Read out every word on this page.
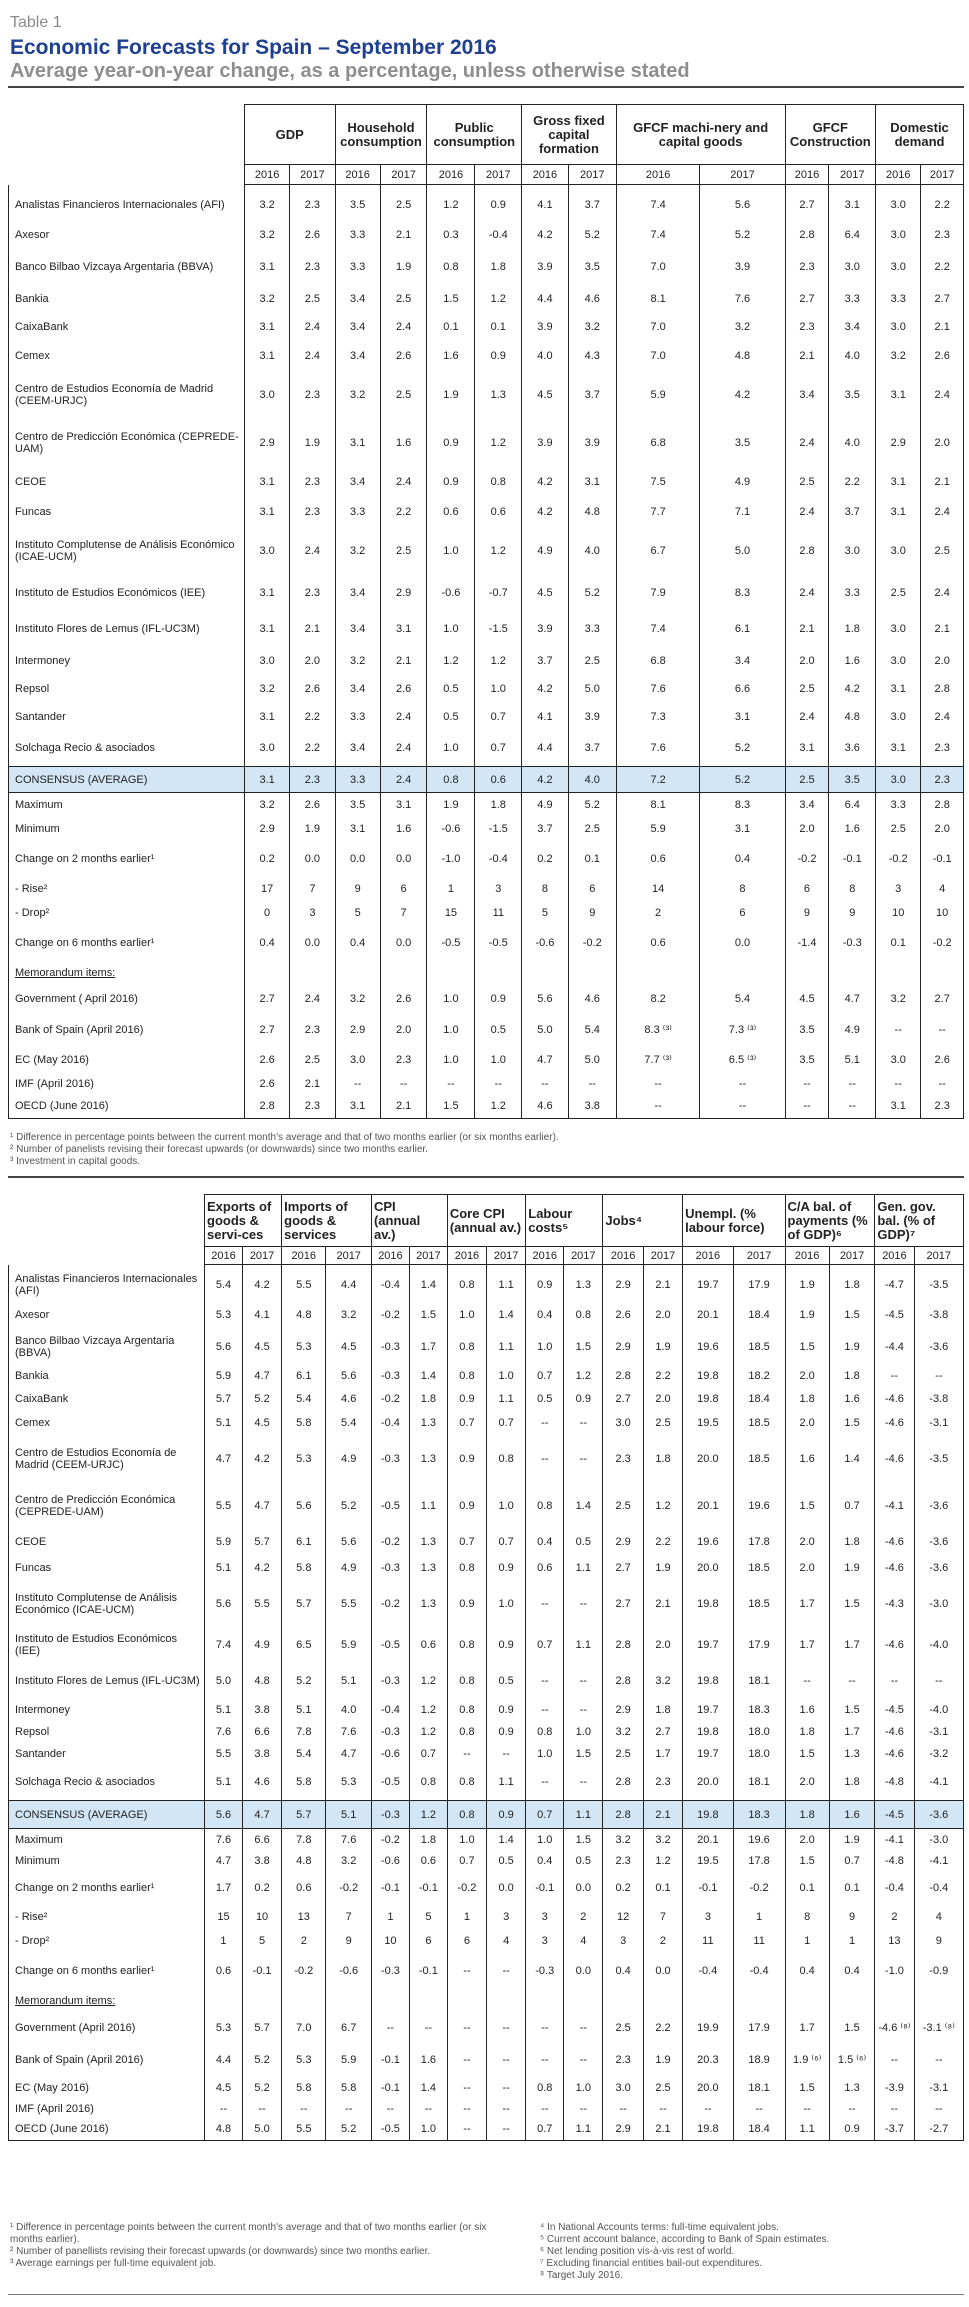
Table 1
Economic Forecasts for Spain – September 2016
Average year-on-year change, as a percentage, unless otherwise stated
	GDP		Household consumption		Public consumption		Gross fixed capital formation		GFCF machi-nery and capital goods		GFCF Construction		Domestic demand	
	2016	2017	2016	2017	2016	2017	2016	2017	2016	2017	2016	2017	2016	2017
Analistas Financieros Internacionales (AFI)	3.2	2.3	3.5	2.5	1.2	0.9	4.1	3.7	7.4	5.6	2.7	3.1	3.0	2.2
Axesor	3.2	2.6	3.3	2.1	0.3	-0.4	4.2	5.2	7.4	5.2	2.8	6.4	3.0	2.3
Banco Bilbao Vizcaya Argentaria (BBVA)	3.1	2.3	3.3	1.9	0.8	1.8	3.9	3.5	7.0	3.9	2.3	3.0	3.0	2.2
Bankia	3.2	2.5	3.4	2.5	1.5	1.2	4.4	4.6	8.1	7.6	2.7	3.3	3.3	2.7
CaixaBank	3.1	2.4	3.4	2.4	0.1	0.1	3.9	3.2	7.0	3.2	2.3	3.4	3.0	2.1
Cemex	3.1	2.4	3.4	2.6	1.6	0.9	4.0	4.3	7.0	4.8	2.1	4.0	3.2	2.6
Centro de Estudios Economía de Madrid (CEEM-URJC)	3.0	2.3	3.2	2.5	1.9	1.3	4.5	3.7	5.9	4.2	3.4	3.5	3.1	2.4
Centro de Predicción Económica (CEPREDE-UAM)	2.9	1.9	3.1	1.6	0.9	1.2	3.9	3.9	6.8	3.5	2.4	4.0	2.9	2.0
CEOE	3.1	2.3	3.4	2.4	0.9	0.8	4.2	3.1	7.5	4.9	2.5	2.2	3.1	2.1
Funcas	3.1	2.3	3.3	2.2	0.6	0.6	4.2	4.8	7.7	7.1	2.4	3.7	3.1	2.4
Instituto Complutense de Análisis Económico (ICAE-UCM)	3.0	2.4	3.2	2.5	1.0	1.2	4.9	4.0	6.7	5.0	2.8	3.0	3.0	2.5
Instituto de Estudios Económicos (IEE)	3.1	2.3	3.4	2.9	-0.6	-0.7	4.5	5.2	7.9	8.3	2.4	3.3	2.5	2.4
Instituto Flores de Lemus (IFL-UC3M)	3.1	2.1	3.4	3.1	1.0	-1.5	3.9	3.3	7.4	6.1	2.1	1.8	3.0	2.1
Intermoney	3.0	2.0	3.2	2.1	1.2	1.2	3.7	2.5	6.8	3.4	2.0	1.6	3.0	2.0
Repsol	3.2	2.6	3.4	2.6	0.5	1.0	4.2	5.0	7.6	6.6	2.5	4.2	3.1	2.8
Santander	3.1	2.2	3.3	2.4	0.5	0.7	4.1	3.9	7.3	3.1	2.4	4.8	3.0	2.4
Solchaga Recio & asociados	3.0	2.2	3.4	2.4	1.0	0.7	4.4	3.7	7.6	5.2	3.1	3.6	3.1	2.3
CONSENSUS (AVERAGE)	3.1	2.3	3.3	2.4	0.8	0.6	4.2	4.0	7.2	5.2	2.5	3.5	3.0	2.3
Maximum	3.2	2.6	3.5	3.1	1.9	1.8	4.9	5.2	8.1	8.3	3.4	6.4	3.3	2.8
Minimum	2.9	1.9	3.1	1.6	-0.6	-1.5	3.7	2.5	5.9	3.1	2.0	1.6	2.5	2.0
Change on 2 months earlier¹	0.2	0.0	0.0	0.0	-1.0	-0.4	0.2	0.1	0.6	0.4	-0.2	-0.1	-0.2	-0.1
- Rise²	17	7	9	6	1	3	8	6	14	8	6	8	3	4
- Drop²	0	3	5	7	15	11	5	9	2	6	9	9	10	10
Change on 6 months earlier¹	0.4	0.0	0.4	0.0	-0.5	-0.5	-0.6	-0.2	0.6	0.0	-1.4	-0.3	0.1	-0.2
Memorandum items:														
Government ( April 2016)	2.7	2.4	3.2	2.6	1.0	0.9	5.6	4.6	8.2	5.4	4.5	4.7	3.2	2.7
Bank of Spain (April 2016)	2.7	2.3	2.9	2.0	1.0	0.5	5.0	5.4	8.3 ⁽³⁾	7.3 ⁽³⁾	3.5	4.9	--	--
EC (May 2016)	2.6	2.5	3.0	2.3	1.0	1.0	4.7	5.0	7.7 ⁽³⁾	6.5 ⁽³⁾	3.5	5.1	3.0	2.6
IMF (April 2016)	2.6	2.1	--	--	--	--	--	--	--	--	--	--	--	--
OECD (June 2016)	2.8	2.3	3.1	2.1	1.5	1.2	4.6	3.8	--	--	--	--	3.1	2.3
¹ Difference in percentage points between the current month's average and that of two months earlier (or six months earlier).
² Number of panelists revising their forecast upwards (or downwards) since two months earlier.
³ Investment in capital goods.
	Exports of goods & servi-ces		Imports of goods & services		CPI (annual av.)		Core CPI (annual av.)		Labour costs⁵		Jobs⁴		Unempl. (% labour force)		C/A bal. of payments (% of GDP)⁶		Gen. gov. bal. (% of GDP)⁷	
	2016	2017	2016	2017	2016	2017	2016	2017	2016	2017	2016	2017	2016	2017	2016	2017	2016	2017
Analistas Financieros Internacionales (AFI)	5.4	4.2	5.5	4.4	-0.4	1.4	0.8	1.1	0.9	1.3	2.9	2.1	19.7	17.9	1.9	1.8	-4.7	-3.5
Axesor	5.3	4.1	4.8	3.2	-0.2	1.5	1.0	1.4	0.4	0.8	2.6	2.0	20.1	18.4	1.9	1.5	-4.5	-3.8
Banco Bilbao Vizcaya Argentaria (BBVA)	5.6	4.5	5.3	4.5	-0.3	1.7	0.8	1.1	1.0	1.5	2.9	1.9	19.6	18.5	1.5	1.9	-4.4	-3.6
Bankia	5.9	4.7	6.1	5.6	-0.3	1.4	0.8	1.0	0.7	1.2	2.8	2.2	19.8	18.2	2.0	1.8	--	--
CaixaBank	5.7	5.2	5.4	4.6	-0.2	1.8	0.9	1.1	0.5	0.9	2.7	2.0	19.8	18.4	1.8	1.6	-4.6	-3.8
Cemex	5.1	4.5	5.8	5.4	-0.4	1.3	0.7	0.7	--	--	3.0	2.5	19.5	18.5	2.0	1.5	-4.6	-3.1
Centro de Estudios Economía de Madrid (CEEM-URJC)	4.7	4.2	5.3	4.9	-0.3	1.3	0.9	0.8	--	--	2.3	1.8	20.0	18.5	1.6	1.4	-4.6	-3.5
Centro de Predicción Económica (CEPREDE-UAM)	5.5	4.7	5.6	5.2	-0.5	1.1	0.9	1.0	0.8	1.4	2.5	1.2	20.1	19.6	1.5	0.7	-4.1	-3.6
CEOE	5.9	5.7	6.1	5.6	-0.2	1.3	0.7	0.7	0.4	0.5	2.9	2.2	19.6	17.8	2.0	1.8	-4.6	-3.6
Funcas	5.1	4.2	5.8	4.9	-0.3	1.3	0.8	0.9	0.6	1.1	2.7	1.9	20.0	18.5	2.0	1.9	-4.6	-3.6
Instituto Complutense de Análisis Económico (ICAE-UCM)	5.6	5.5	5.7	5.5	-0.2	1.3	0.9	1.0	--	--	2.7	2.1	19.8	18.5	1.7	1.5	-4.3	-3.0
Instituto de Estudios Económicos (IEE)	7.4	4.9	6.5	5.9	-0.5	0.6	0.8	0.9	0.7	1.1	2.8	2.0	19.7	17.9	1.7	1.7	-4.6	-4.0
Instituto Flores de Lemus (IFL-UC3M)	5.0	4.8	5.2	5.1	-0.3	1.2	0.8	0.5	--	--	2.8	3.2	19.8	18.1	--	--	--	--
Intermoney	5.1	3.8	5.1	4.0	-0.4	1.2	0.8	0.9	--	--	2.9	1.8	19.7	18.3	1.6	1.5	-4.5	-4.0
Repsol	7.6	6.6	7.8	7.6	-0.3	1.2	0.8	0.9	0.8	1.0	3.2	2.7	19.8	18.0	1.8	1.7	-4.6	-3.1
Santander	5.5	3.8	5.4	4.7	-0.6	0.7	--	--	1.0	1.5	2.5	1.7	19.7	18.0	1.5	1.3	-4.6	-3.2
Solchaga Recio & asociados	5.1	4.6	5.8	5.3	-0.5	0.8	0.8	1.1	--	--	2.8	2.3	20.0	18.1	2.0	1.8	-4.8	-4.1
CONSENSUS (AVERAGE)	5.6	4.7	5.7	5.1	-0.3	1.2	0.8	0.9	0.7	1.1	2.8	2.1	19.8	18.3	1.8	1.6	-4.5	-3.6
Maximum	7.6	6.6	7.8	7.6	-0.2	1.8	1.0	1.4	1.0	1.5	3.2	3.2	20.1	19.6	2.0	1.9	-4.1	-3.0
Minimum	4.7	3.8	4.8	3.2	-0.6	0.6	0.7	0.5	0.4	0.5	2.3	1.2	19.5	17.8	1.5	0.7	-4.8	-4.1
Change on 2 months earlier¹	1.7	0.2	0.6	-0.2	-0.1	-0.1	-0.2	0.0	-0.1	0.0	0.2	0.1	-0.1	-0.2	0.1	0.1	-0.4	-0.4
- Rise²	15	10	13	7	1	5	1	3	3	2	12	7	3	1	8	9	2	4
- Drop²	1	5	2	9	10	6	6	4	3	4	3	2	11	11	1	1	13	9
Change on 6 months earlier¹	0.6	-0.1	-0.2	-0.6	-0.3	-0.1	--	--	-0.3	0.0	0.4	0.0	-0.4	-0.4	0.4	0.4	-1.0	-0.9
Memorandum items:																		
Government (April 2016)	5.3	5.7	7.0	6.7	--	--	--	--	--	--	2.5	2.2	19.9	17.9	1.7	1.5	-4.6 ⁽⁸⁾	-3.1 ⁽⁸⁾
Bank of Spain (April 2016)	4.4	5.2	5.3	5.9	-0.1	1.6	--	--	--	--	2.3	1.9	20.3	18.9	1.9 ⁽⁶⁾	1.5 ⁽⁶⁾	--	--
EC (May 2016)	4.5	5.2	5.8	5.8	-0.1	1.4	--	--	0.8	1.0	3.0	2.5	20.0	18.1	1.5	1.3	-3.9	-3.1
IMF (April 2016)	--	--	--	--	--	--	--	--	--	--	--	--	--	--	--	--	--	--
OECD (June 2016)	4.8	5.0	5.5	5.2	-0.5	1.0	--	--	0.7	1.1	2.9	2.1	19.8	18.4	1.1	0.9	-3.7	-2.7
¹ Difference in percentage points between the current month's average and that of two months earlier (or six months earlier).
² Number of panellists revising their forecast upwards (or downwards) since two months earlier.
³ Average earnings per full-time equivalent job.
⁴ In National Accounts terms: full-time equivalent jobs.
⁵ Current account balance, according to Bank of Spain estimates.
⁶ Net lending position vis-à-vis rest of world.
⁷ Excluding financial entities bail-out expenditures.
⁸ Target July 2016.
